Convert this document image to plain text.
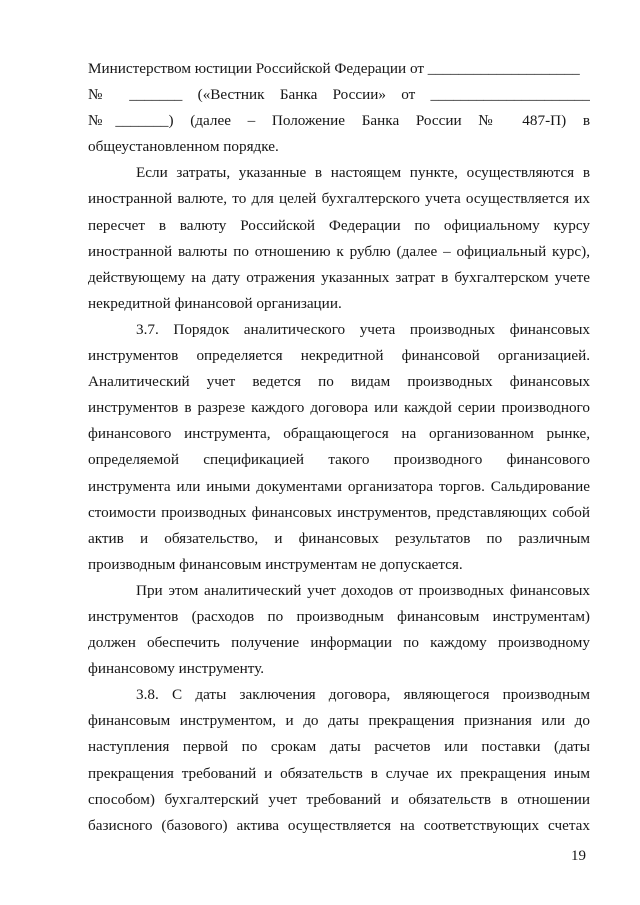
Министерством юстиции Российской Федерации от ____________________
№ _______ («Вестник Банка России» от _____________________
№_______) (далее – Положение Банка России № 487-П) в
общеустановленном порядке.
Если затраты, указанные в настоящем пункте, осуществляются в
иностранной валюте, то для целей бухгалтерского учета осуществляется их
пересчет в валюту Российской Федерации по официальному курсу
иностранной валюты по отношению к рублю (далее – официальный курс),
действующему на дату отражения указанных затрат в бухгалтерском учете
некредитной финансовой организации.
3.7. Порядок аналитического учета производных финансовых
инструментов определяется некредитной финансовой организацией.
Аналитический учет ведется по видам производных финансовых
инструментов в разрезе каждого договора или каждой серии производного
финансового инструмента, обращающегося на организованном рынке,
определяемой спецификацией такого производного финансового
инструмента или иными документами организатора торгов. Сальдирование
стоимости производных финансовых инструментов, представляющих собой
актив и обязательство, и финансовых результатов по различным
производным финансовым инструментам не допускается.
При этом аналитический учет доходов от производных финансовых
инструментов (расходов по производным финансовым инструментам)
должен обеспечить получение информации по каждому производному
финансовому инструменту.
3.8. С даты заключения договора, являющегося производным
финансовым инструментом, и до даты прекращения признания или до
наступления первой по срокам даты расчетов или поставки (даты
прекращения требований и обязательств в случае их прекращения иным
способом) бухгалтерский учет требований и обязательств в отношении
базисного (базового) актива осуществляется на соответствующих счетах
19
